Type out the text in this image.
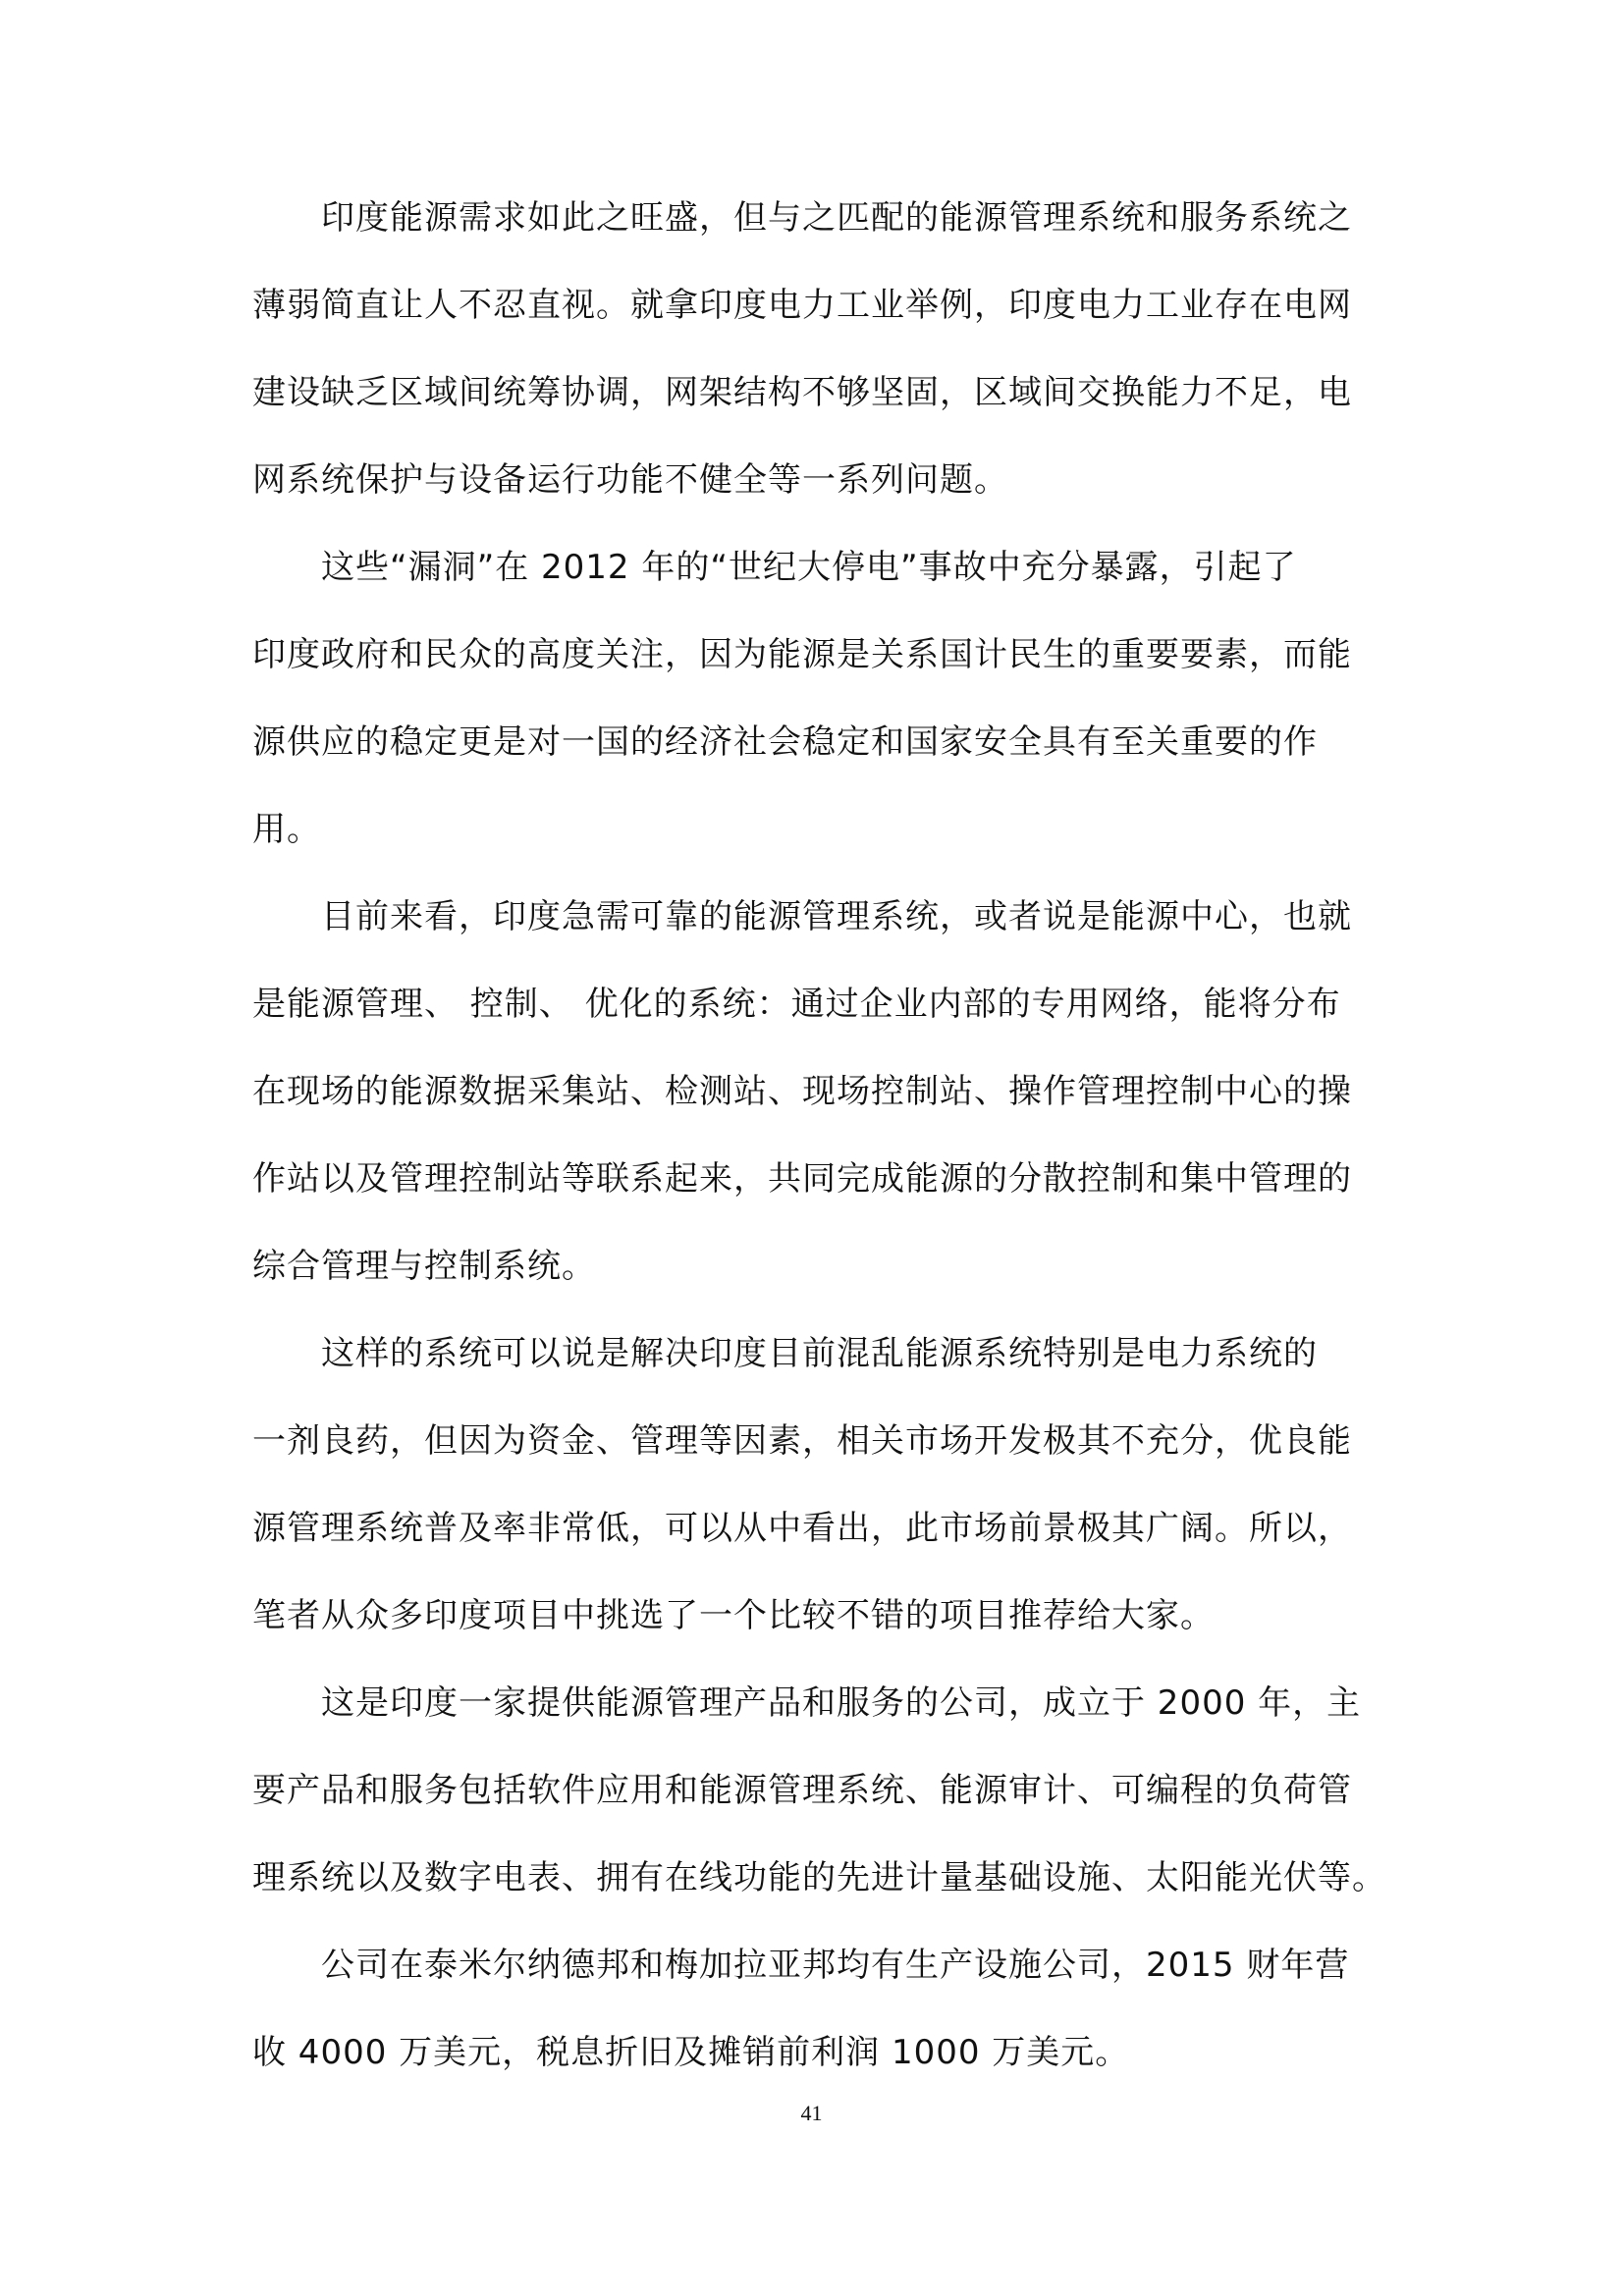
印度能源需求如此之旺盛，但与之匹配的能源管理系统和服务系统之
薄弱简直让人不忍直视。就拿印度电力工业举例，印度电力工业存在电网
建设缺乏区域间统筹协调，网架结构不够坚固，区域间交换能力不足，电
网系统保护与设备运行功能不健全等一系列问题。
这些“漏洞”在 2012 年的“世纪大停电”事故中充分暴露，引起了
印度政府和民众的高度关注，因为能源是关系国计民生的重要要素，而能
源供应的稳定更是对一国的经济社会稳定和国家安全具有至关重要的作
用。
目前来看，印度急需可靠的能源管理系统，或者说是能源中心，也就
是能源管理、 控制、 优化的系统：通过企业内部的专用网络，能将分布
在现场的能源数据采集站、检测站、现场控制站、操作管理控制中心的操
作站以及管理控制站等联系起来，共同完成能源的分散控制和集中管理的
综合管理与控制系统。
这样的系统可以说是解决印度目前混乱能源系统特别是电力系统的
一剂良药，但因为资金、管理等因素，相关市场开发极其不充分，优良能
源管理系统普及率非常低，可以从中看出，此市场前景极其广阔。所以，
笔者从众多印度项目中挑选了一个比较不错的项目推荐给大家。
这是印度一家提供能源管理产品和服务的公司，成立于 2000 年，主
要产品和服务包括软件应用和能源管理系统、能源审计、可编程的负荷管
理系统以及数字电表、拥有在线功能的先进计量基础设施、太阳能光伏等。
公司在泰米尔纳德邦和梅加拉亚邦均有生产设施公司，2015 财年营
收 4000 万美元，税息折旧及摊销前利润 1000 万美元。
41
